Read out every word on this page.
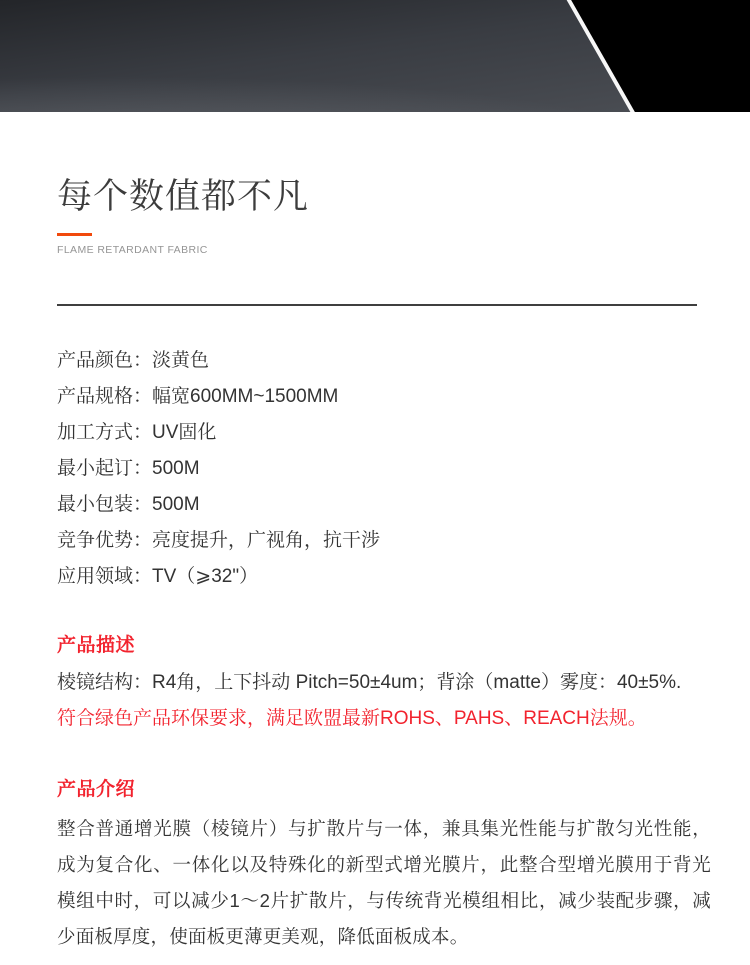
每个数值都不凡
FLAME RETARDANT FABRIC
产品颜色：淡黄色
产品规格：幅宽600MM~1500MM
加工方式：UV固化
最小起订：500M
最小包装：500M
竞争优势：亮度提升，广视角，抗干涉
应用领域：TV（⩾32"）
产品描述

棱镜结构：R4角，上下抖动 Pitch=50±4um；背涂（matte）雾度：40±5%.

符合绿色产品环保要求，满足欧盟最新ROHS、PAHS、REACH法规。

产品介绍

整合普通增光膜（棱镜片）与扩散片与一体，兼具集光性能与扩散匀光性能，成为复合化、一体化以及特殊化的新型式增光膜片，此整合型增光膜用于背光模组中时，可以减少1～2片扩散片，与传统背光模组相比，减少装配步骤，减少面板厚度，使面板更薄更美观，降低面板成本。
